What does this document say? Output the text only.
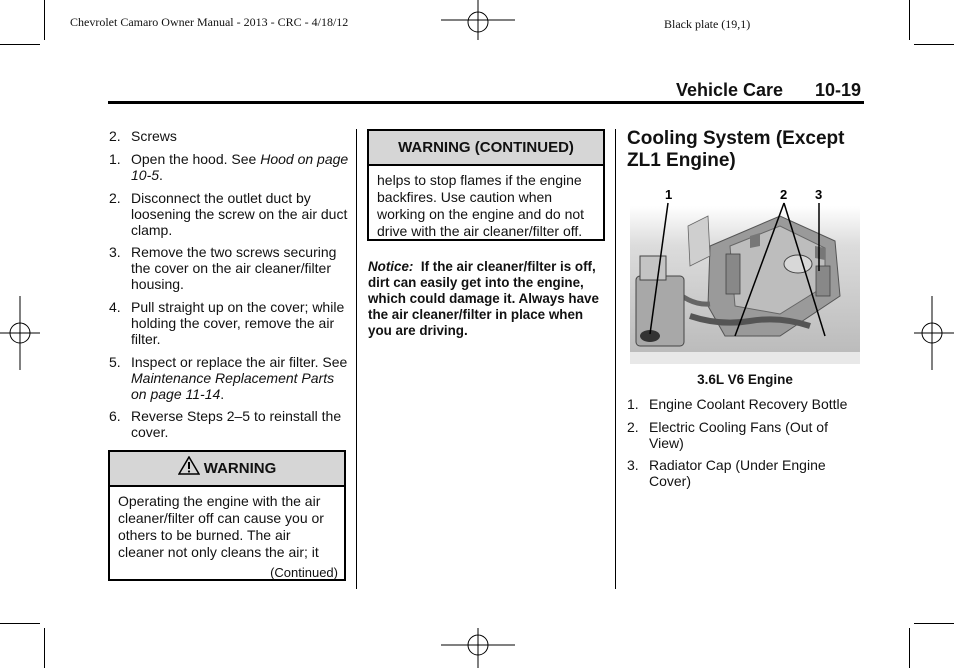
Chevrolet Camaro Owner Manual - 2013 - CRC - 4/18/12	Black plate (19,1)
Vehicle Care 10-19
2. Screws
1. Open the hood. See Hood on page 10-5.
2. Disconnect the outlet duct by loosening the screw on the air duct clamp.
3. Remove the two screws securing the cover on the air cleaner/filter housing.
4. Pull straight up on the cover; while holding the cover, remove the air filter.
5. Inspect or replace the air filter. See Maintenance Replacement Parts on page 11-14.
6. Reverse Steps 2–5 to reinstall the cover.
WARNING
Operating the engine with the air cleaner/filter off can cause you or others to be burned. The air cleaner not only cleans the air; it
(Continued)
WARNING (CONTINUED)
helps to stop flames if the engine backfires. Use caution when working on the engine and do not drive with the air cleaner/filter off.
Notice: If the air cleaner/filter is off, dirt can easily get into the engine, which could damage it. Always have the air cleaner/filter in place when you are driving.
Cooling System (Except ZL1 Engine)
1	2 3
3.6L V6 Engine
1. Engine Coolant Recovery Bottle
2. Electric Cooling Fans (Out of View)
3. Radiator Cap (Under Engine Cover)
